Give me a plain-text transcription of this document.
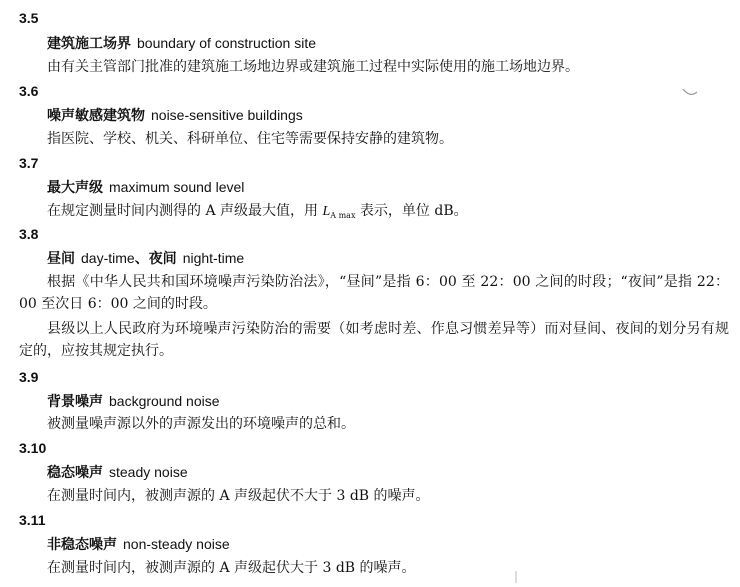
3.5
建筑施工场界 boundary of construction site
由有关主管部门批准的建筑施工场地边界或建筑施工过程中实际使用的施工场地边界。
3.6
噪声敏感建筑物 noise-sensitive buildings
指医院、学校、机关、科研单位、住宅等需要保持安静的建筑物。
3.7
最大声级 maximum sound level
在规定测量时间内测得的 A 声级最大值，用 $L_{A max}$ 表示，单位 dB。
3.8
昼间 day-time、夜间 night-time
根据《中华人民共和国环境噪声污染防治法》，“昼间”是指 6：00 至 22：00 之间的时段；“夜间”是指 22：00 至次日 6：00 之间的时段。
县级以上人民政府为环境噪声污染防治的需要（如考虑时差、作息习惯差异等）而对昼间、夜间的划分另有规定的，应按其规定执行。
3.9
背景噪声 background noise
被测量噪声源以外的声源发出的环境噪声的总和。
3.10
稳态噪声 steady noise
在测量时间内，被测声源的 A 声级起伏不大于 3 dB 的噪声。
3.11
非稳态噪声 non-steady noise
在测量时间内，被测声源的 A 声级起伏大于 3 dB 的噪声。
